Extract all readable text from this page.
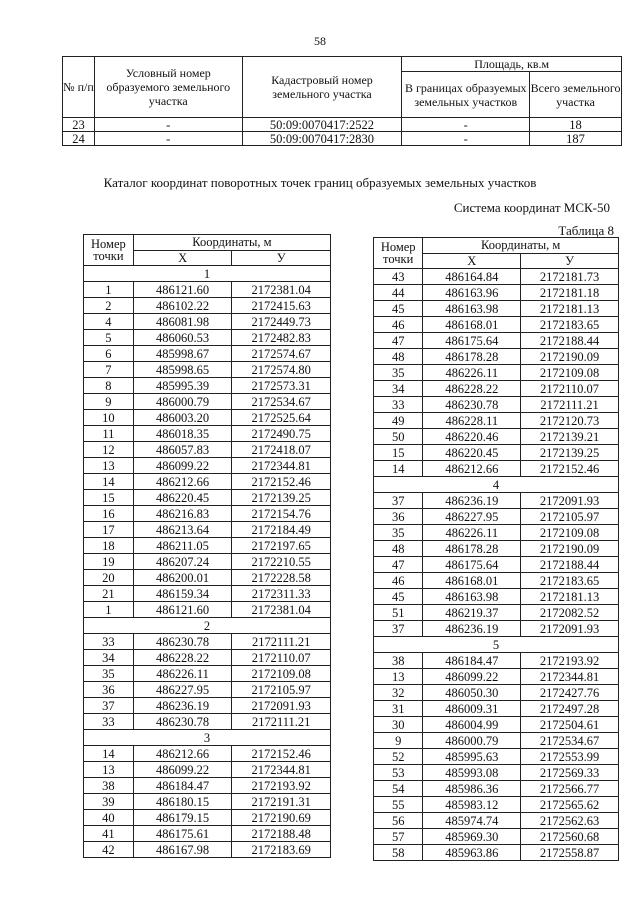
58
№ п/п	Условный номер образуемого земельного участка	Кадастровый номер земельного участка	Площадь, кв.м	
			В границах образуемых земельных участков	Всего земельного участка
23	-	50:09:0070417:2522	-	18
24	-	50:09:0070417:2830	-	187
Каталог координат поворотных точек границ образуемых земельных участков
Система координат МСК-50
Таблица 8
Номер точки	Координаты, м	
	Х	У
1		
1	486121.60	2172381.04
2	486102.22	2172415.63
4	486081.98	2172449.73
5	486060.53	2172482.83
6	485998.67	2172574.67
7	485998.65	2172574.80
8	485995.39	2172573.31
9	486000.79	2172534.67
10	486003.20	2172525.64
11	486018.35	2172490.75
12	486057.83	2172418.07
13	486099.22	2172344.81
14	486212.66	2172152.46
15	486220.45	2172139.25
16	486216.83	2172154.76
17	486213.64	2172184.49
18	486211.05	2172197.65
19	486207.24	2172210.55
20	486200.01	2172228.58
21	486159.34	2172311.33
1	486121.60	2172381.04
2		
33	486230.78	2172111.21
34	486228.22	2172110.07
35	486226.11	2172109.08
36	486227.95	2172105.97
37	486236.19	2172091.93
33	486230.78	2172111.21
3		
14	486212.66	2172152.46
13	486099.22	2172344.81
38	486184.47	2172193.92
39	486180.15	2172191.31
40	486179.15	2172190.69
41	486175.61	2172188.48
42	486167.98	2172183.69
Номер точки	Координаты, м	
	Х	У
43	486164.84	2172181.73
44	486163.96	2172181.18
45	486163.98	2172181.13
46	486168.01	2172183.65
47	486175.64	2172188.44
48	486178.28	2172190.09
35	486226.11	2172109.08
34	486228.22	2172110.07
33	486230.78	2172111.21
49	486228.11	2172120.73
50	486220.46	2172139.21
15	486220.45	2172139.25
14	486212.66	2172152.46
4		
37	486236.19	2172091.93
36	486227.95	2172105.97
35	486226.11	2172109.08
48	486178.28	2172190.09
47	486175.64	2172188.44
46	486168.01	2172183.65
45	486163.98	2172181.13
51	486219.37	2172082.52
37	486236.19	2172091.93
5		
38	486184.47	2172193.92
13	486099.22	2172344.81
32	486050.30	2172427.76
31	486009.31	2172497.28
30	486004.99	2172504.61
9	486000.79	2172534.67
52	485995.63	2172553.99
53	485993.08	2172569.33
54	485986.36	2172566.77
55	485983.12	2172565.62
56	485974.74	2172562.63
57	485969.30	2172560.68
58	485963.86	2172558.87
